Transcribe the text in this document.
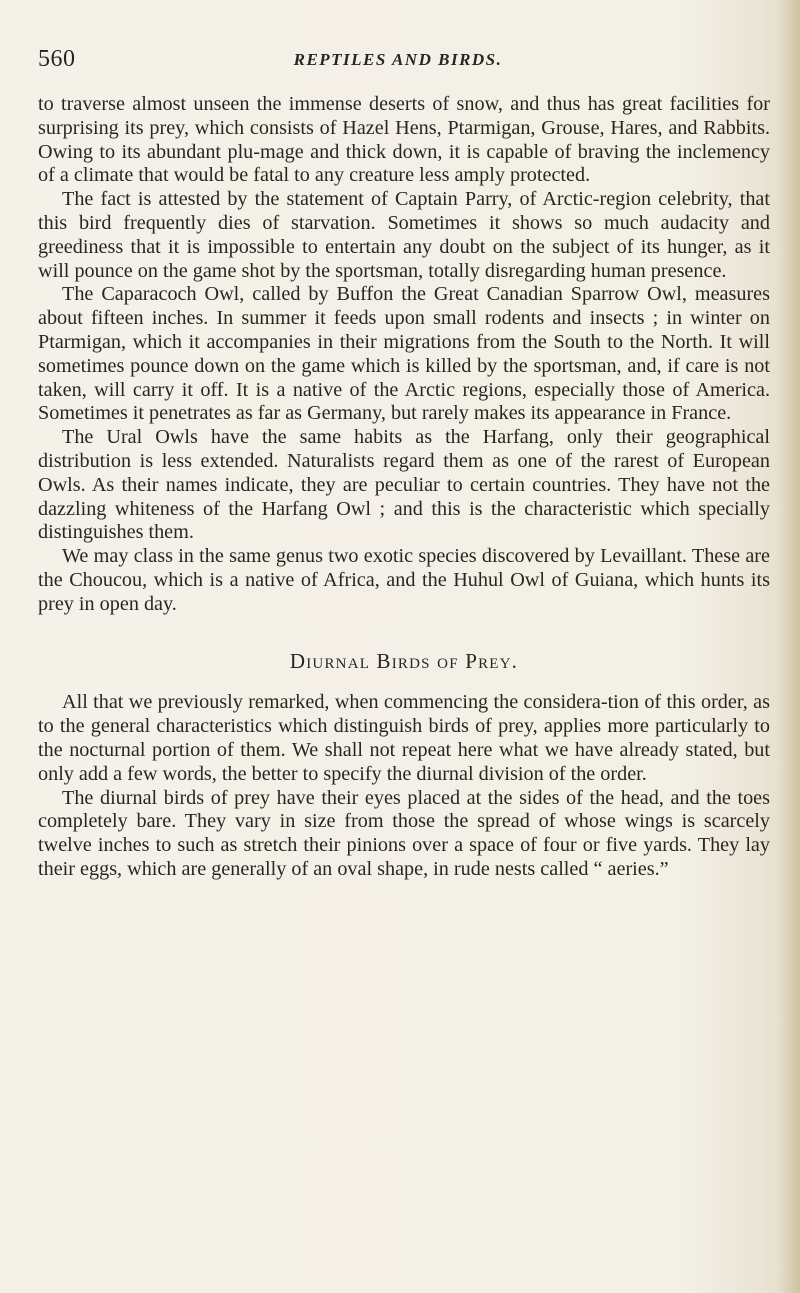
560	REPTILES AND BIRDS.

to traverse almost unseen the immense deserts of snow, and thus has great facilities for surprising its prey, which consists of Hazel Hens, Ptarmigan, Grouse, Hares, and Rabbits. Owing to its abundant plu-mage and thick down, it is capable of braving the inclemency of a climate that would be fatal to any creature less amply protected.

The fact is attested by the statement of Captain Parry, of Arctic-region celebrity, that this bird frequently dies of starvation. Sometimes it shows so much audacity and greediness that it is impossible to entertain any doubt on the subject of its hunger, as it will pounce on the game shot by the sportsman, totally disregarding human presence.

The Caparacoch Owl, called by Buffon the Great Canadian Sparrow Owl, measures about fifteen inches. In summer it feeds upon small rodents and insects ; in winter on Ptarmigan, which it accompanies in their migrations from the South to the North. It will sometimes pounce down on the game which is killed by the sportsman, and, if care is not taken, will carry it off. It is a native of the Arctic regions, especially those of America. Sometimes it penetrates as far as Germany, but rarely makes its appearance in France.

The Ural Owls have the same habits as the Harfang, only their geographical distribution is less extended. Naturalists regard them as one of the rarest of European Owls. As their names indicate, they are peculiar to certain countries. They have not the dazzling whiteness of the Harfang Owl ; and this is the characteristic which specially distinguishes them.

We may class in the same genus two exotic species discovered by Levaillant. These are the Choucou, which is a native of Africa, and the Huhul Owl of Guiana, which hunts its prey in open day.

Diurnal Birds of Prey.

All that we previously remarked, when commencing the considera-tion of this order, as to the general characteristics which distinguish birds of prey, applies more particularly to the nocturnal portion of them. We shall not repeat here what we have already stated, but only add a few words, the better to specify the diurnal division of the order.

The diurnal birds of prey have their eyes placed at the sides of the head, and the toes completely bare. They vary in size from those the spread of whose wings is scarcely twelve inches to such as stretch their pinions over a space of four or five yards. They lay their eggs, which are generally of an oval shape, in rude nests called “ aeries.”
